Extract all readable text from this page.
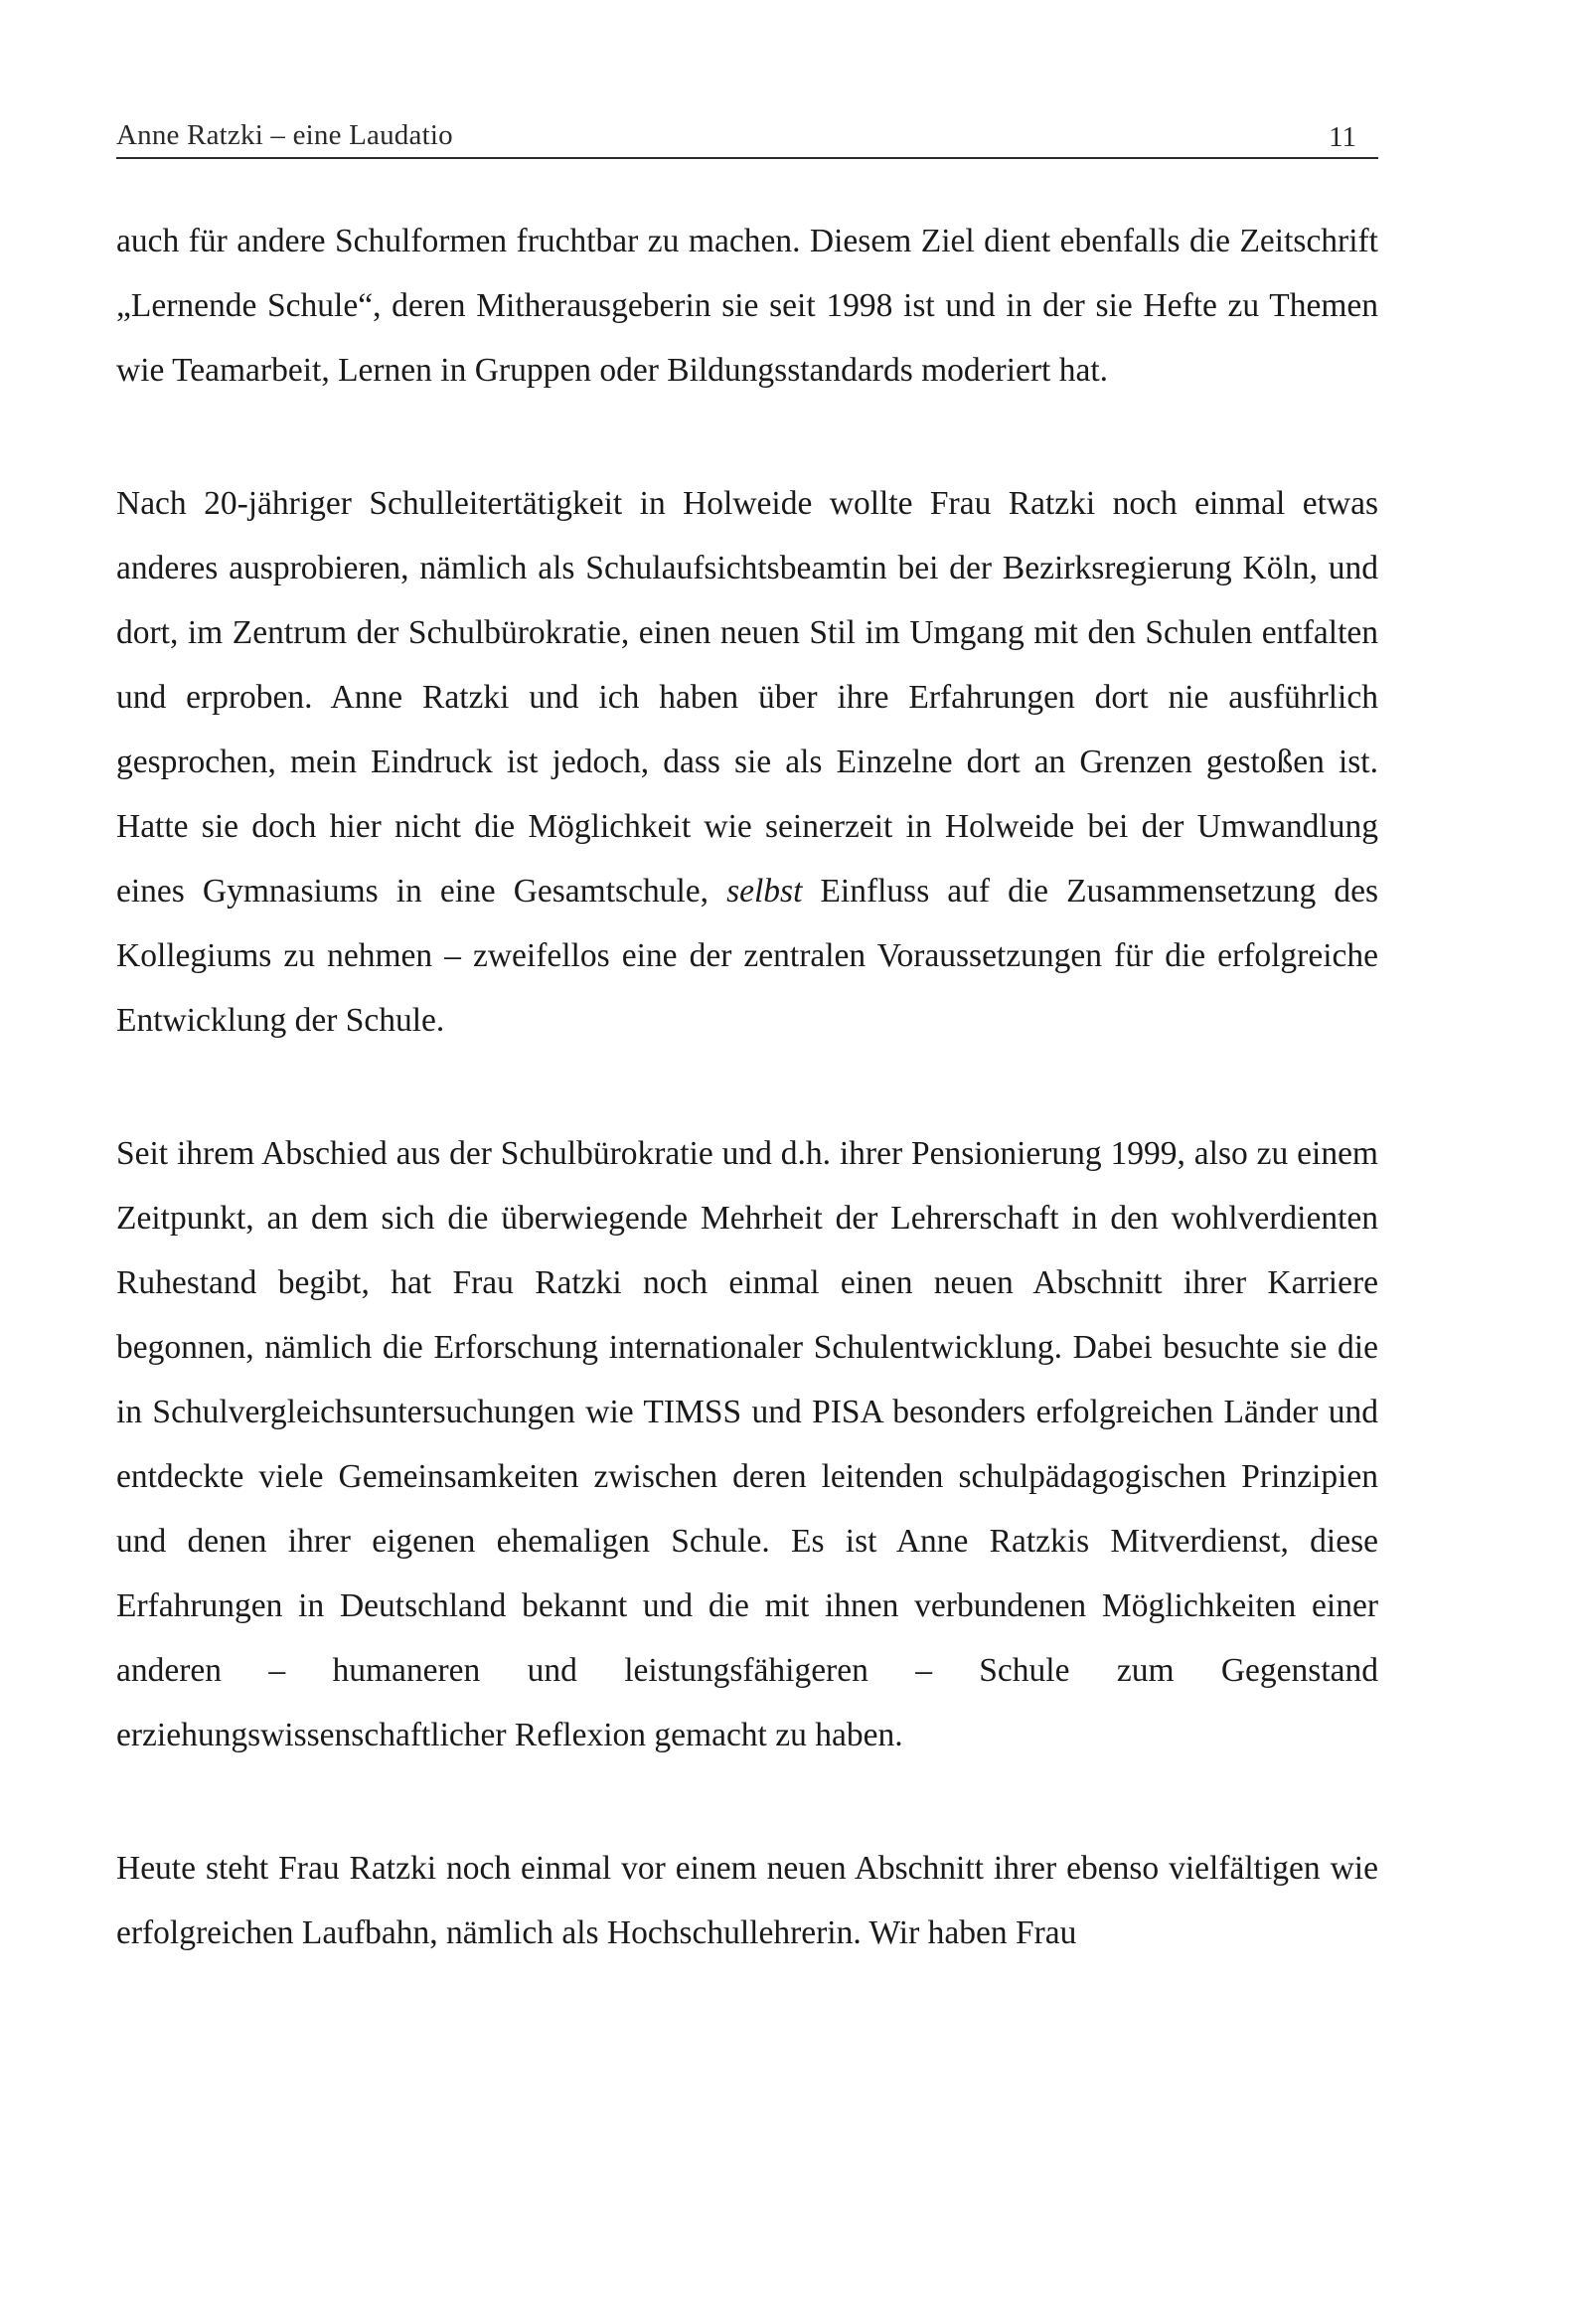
Anne Ratzki – eine Laudatio	11

auch für andere Schulformen fruchtbar zu machen. Diesem Ziel dient ebenfalls die Zeitschrift „Lernende Schule“, deren Mitherausgeberin sie seit 1998 ist und in der sie Hefte zu Themen wie Teamarbeit, Lernen in Gruppen oder Bildungsstandards moderiert hat.

Nach 20-jähriger Schulleitertätigkeit in Holweide wollte Frau Ratzki noch einmal etwas anderes ausprobieren, nämlich als Schulaufsichtsbeamtin bei der Bezirksregierung Köln, und dort, im Zentrum der Schulbürokratie, einen neuen Stil im Umgang mit den Schulen entfalten und erproben. Anne Ratzki und ich haben über ihre Erfahrungen dort nie ausführlich gesprochen, mein Eindruck ist jedoch, dass sie als Einzelne dort an Grenzen gestoßen ist. Hatte sie doch hier nicht die Möglichkeit wie seinerzeit in Holweide bei der Umwandlung eines Gymnasiums in eine Gesamtschule, selbst Einfluss auf die Zusammensetzung des Kollegiums zu nehmen – zweifellos eine der zentralen Voraussetzungen für die erfolgreiche Entwicklung der Schule.

Seit ihrem Abschied aus der Schulbürokratie und d.h. ihrer Pensionierung 1999, also zu einem Zeitpunkt, an dem sich die überwiegende Mehrheit der Lehrerschaft in den wohlverdienten Ruhestand begibt, hat Frau Ratzki noch einmal einen neuen Abschnitt ihrer Karriere begonnen, nämlich die Erforschung internationaler Schulentwicklung. Dabei besuchte sie die in Schulvergleichsuntersuchungen wie TIMSS und PISA besonders erfolgreichen Länder und entdeckte viele Gemeinsamkeiten zwischen deren leitenden schulpädagogischen Prinzipien und denen ihrer eigenen ehemaligen Schule. Es ist Anne Ratzkis Mitverdienst, diese Erfahrungen in Deutschland bekannt und die mit ihnen verbundenen Möglichkeiten einer anderen – humaneren und leistungsfähigeren – Schule zum Gegenstand erziehungswissenschaftlicher Reflexion gemacht zu haben.

Heute steht Frau Ratzki noch einmal vor einem neuen Abschnitt ihrer ebenso vielfältigen wie erfolgreichen Laufbahn, nämlich als Hochschullehrerin. Wir haben Frau
